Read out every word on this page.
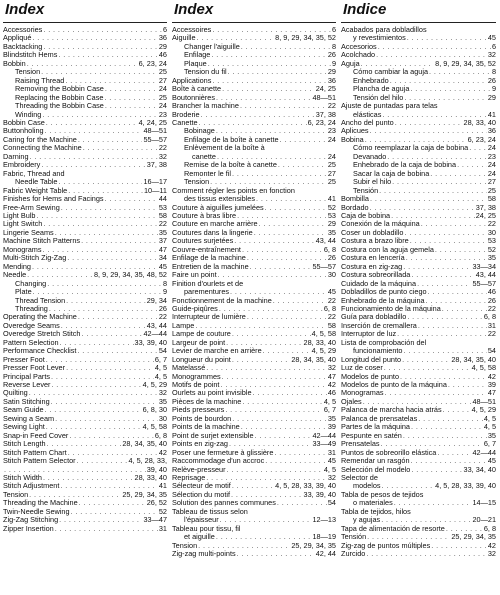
Index
Accessories . . .	6
Appliqué . . .	36
Backtacking . . .	29
Blindstitch Hems . . .	46
Bobbin . . .	6, 23, 24
Tension . . .	25
Raising Thread . . .	27
Removing the Bobbin Case . . .	24
Replacing the Bobbin Case . . .	25
Threading the Bobbin Case . . .	24
Winding . . .	23
Bobbin Case . . .	4, 24, 25
Buttonholing . . .	48—51
Caring for the Machine . . .	55—57
Connecting the Machine . . .	22
Darning . . .	32
Embroidery . . .	37, 38
Fabric, Thread and
Needle Table . . .	16—17
Fabric Weight Table . . .	10—11
Finishes for Hems and Facings . . .	44
Free-Arm Sewing . . .	53
Light Bulb . . .	58
Light Switch . . .	22
Lingerie Seams . . .	35
Machine Stitch Patterns . . .	37
Monograms . . .	47
Multi-Stitch Zig-Zag . . .	34
Mending . . .	45
Needle . . .	8, 9, 29, 34, 35, 48, 52
Changing . . .	8
Plate . . .	9
Thread Tension . . .	29, 34
Threading . . .	26
Operating the Machine . . .	22
Overedge Seams . . .	43, 44
Overedge Stretch Stitch . . .	42—44
Pattern Selection . . .	33, 39, 40
Performance Checklist . . .	54
Presser Foot . . .	6, 7
Presser Foot Lever . . .	4, 5
Principal Parts . . .	4, 5
Reverse Lever . . .	4, 5, 29
Quilting . . .	32
Satin Stitching . . .	35
Seam Guide . . .	6, 8, 30
Sewing a Seam . . .	30
Sewing Light . . .	4, 5, 58
Snap-in Feed Cover . . .	6, 8
Stitch Length . . .	28, 34, 35, 40
Stitch Pattern Chart . . .	42
Stitch Pattern Selector . . .	4, 5, 28, 33,
. . .
39, 40
Stitch Width . . .	28, 33, 40
Stitch Adjustment . . .	41
Tension . . .	25, 29, 34, 35
Threading the Machine . . .	26, 52
Twin-Needle Sewing . . .	52
Zig-Zag Stitching . . .	33—47
Zipper Insertion . . .	31
Index
Accessoires . . .	6
Aiguille . . .	8, 9, 29, 34, 35, 52
Changer l'aiguille . . .	8
Enfilage . . .	26
Plaque . . .	9
Tension du fil . . .	29
Applications . . .	36
Boîte à canette . . .	24, 25
Boutonnières . . .	48—51
Brancher la machine . . .	22
Broderie . . .	37, 38
Canette . . .	6, 23, 24
Bobinage . . .	23
Enfilage de la boîte à canette . . .	24
Enlèvement de la boîte à
canette . . .	24
Remise de la boîte à canette . . .	25
Remonter le fil . . .	27
Tension . . .	25
Comment régler les points en fonction
des tissus extensibles . . .	41
Couture à aiguilles jumelées . . .	52
Couture à bras libre . . .	53
Couture en marche arrière . . .	29
Coutures dans la lingerie . . .	35
Coutures surjetées . . .	43, 44
Couvre-entraînement . . .	6, 8
Enfilage de la machine . . .	26
Entretien de la machine . . .	55—57
Faire un point . . .	30
Finition d'ourlets et de
parementures . . .	45
Fonctionnement de la machine . . .	22
Guide-piqûres . . .	6, 8
Interrupteur de lumière . . .	22
Lampe . . .	58
Lampe de couture . . .	4, 5, 58
Largeur de point . . .	28, 33, 40
Levier de marche en arrière . . .	4, 5, 29
Longueur du point . . .	28, 34, 35, 40
Matelassé . . .	32
Monogrammes . . .	47
Motifs de point . . .	42
Ourlets au point invisible . . .	46
Pièces de la machine . . .	4, 5
Pieds presseurs . . .	6, 7
Points de bourdon . . .	35
Points de la machine . . .	39
Point de surjet extensible . . .	42—44
Points en zig-zag . . .	33—49
Poser une fermeture à glissière . . .	31
Raccommodage d'un accroc . . .	45
Relève-presseur . . .	4, 5
Reprisage . . .	32
Sélecteur de motif . . .	4, 5, 28, 33, 39, 40
Sélection du motif . . .	33, 39, 40
Solution des pannes communes . . .	54
Tableau de tissus selon
l'épaisseur . . .	12—13
Tableau pour tissu, fil
et aiguille . . .	18—19
Tension . . .	25, 29, 34, 35
Zig-zag multi-points . . .	42, 44
Indice
Acabados para dobladillos
y revestimientos . . .	45
Accesorios . . .	6
Acolchado . . .	32
Aguja . . .	8, 9, 29, 34, 35, 52
Cómo cambiar la aguja . . .	8
Enhebrado . . .	26
Plancha de aguja . . .	9
Tensión del hilo . . .	29
Ajuste de puntadas para telas
elásticas . . .	41
Ancho del punto . . .	28, 33, 40
Aplicues . . .	36
Bobina . . .	6, 23, 24
Cómo reemplazar la caja de bobina . . .	24
Devanado . . .	23
Enhebrado de la caja de bobina . . .	24
Sacar la caja de bobina . . .	24
Subir el hilo . . .	27
Tensión . . .	25
Bombilla . . .	58
Bordado . . .	37, 38
Caja de bobina . . .	24, 25
Conexión de la máquina . . .	22
Coser un dobladillo . . .	30
Costura a brazo libre . . .	53
Costura con la aguja gemela . . .	52
Costura en lencería . . .	35
Costura en zig-zag . . .	33—34
Costura sobreorillada . . .	43, 44
Cuidado de la máquina . . .	55—57
Dobladillos de punto ciego . . .	46
Enhebrado de la máquina . . .	26
Funcionamiento de la máquina . . .	22
Guía para dobladillo . . .	6, 8
Inserción de cremallera . . .	31
Interruptor de luz . . .	22
Lista de comprobación del
funcionamiento . . .	54
Longitud del punto . . .	28, 34, 35, 40
Luz de coser . . .	4, 5, 58
Modelos de punto . . .	42
Modelos de punto de la máquina . . .	39
Monogramas . . .	47
Ojales . . .	48—51
Palanca de marcha hacia atrás . . .	4, 5, 29
Palanca de prensatelas . . .	4, 5
Partes de la máquina . . .	4, 5
Pespunte en satén . . .	35
Prensatelas . . .	6, 7
Puntos de sobreorillo elástica . . .	42—44
Remendar un rasgón . . .	45
Selección del modelo . . .	33, 34, 40
Selector de
modelos . . .	4, 5, 28, 33, 39, 40
Tabla de pesos de tejidos
o materiales . . .	14—15
Tabla de tejidos, hilos
y agujas . . .	20—21
Tapa de alimentación de resorte . . .	6, 8
Tensión . . .	25, 29, 34, 35
Zig-zag de puntos múltiples . . .	42
Zurcido . . .	32
